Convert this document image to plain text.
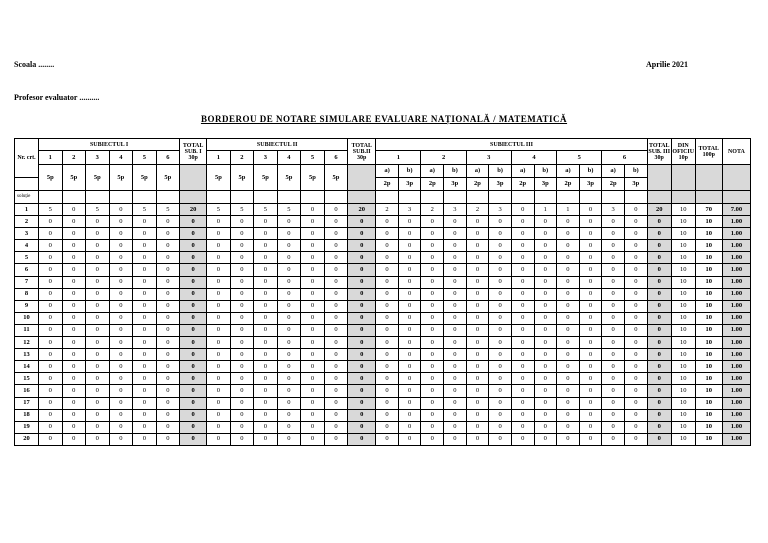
Scoala ........	Aprilie 2021
Profesor evaluator ..........
BORDEROU DE NOTARE SIMULARE EVALUARE NAȚIONALĂ / MATEMATICĂ
Nr. crt.	SUBIECTUL I						TOTAL SUB. I 30p	SUBIECTUL II						TOTAL SUB.II 30p	SUBIECTUL III												TOTAL SUB. III 30p	DIN OFICIU 10p	TOTAL 100p	NOTA
	1	2	3	4	5	6		1	2	3	4	5	6		1		2		3		4		5		6					
	5p	5p	5p	5p	5p	5p		5p	5p	5p	5p	5p	5p		a)	b)	a)	b)	a)	b)	a)	b)	a)	b)	a)	b)				
															2p	3p	2p	3p	2p	3p	2p	3p	2p	3p	2p	3p				
soluție																														
1	5	0	5	0	5	5	20	5	5	5	5	0	0	20	2	3	2	3	2	3	0	1	1	0	3	0	20	10	70	7.00
2	0	0	0	0	0	0	0	0	0	0	0	0	0	0	0	0	0	0	0	0	0	0	0	0	0	0	0	10	10	1.00
3	0	0	0	0	0	0	0	0	0	0	0	0	0	0	0	0	0	0	0	0	0	0	0	0	0	0	0	10	10	1.00
4	0	0	0	0	0	0	0	0	0	0	0	0	0	0	0	0	0	0	0	0	0	0	0	0	0	0	0	10	10	1.00
5	0	0	0	0	0	0	0	0	0	0	0	0	0	0	0	0	0	0	0	0	0	0	0	0	0	0	0	10	10	1.00
6	0	0	0	0	0	0	0	0	0	0	0	0	0	0	0	0	0	0	0	0	0	0	0	0	0	0	0	10	10	1.00
7	0	0	0	0	0	0	0	0	0	0	0	0	0	0	0	0	0	0	0	0	0	0	0	0	0	0	0	10	10	1.00
8	0	0	0	0	0	0	0	0	0	0	0	0	0	0	0	0	0	0	0	0	0	0	0	0	0	0	0	10	10	1.00
9	0	0	0	0	0	0	0	0	0	0	0	0	0	0	0	0	0	0	0	0	0	0	0	0	0	0	0	10	10	1.00
10	0	0	0	0	0	0	0	0	0	0	0	0	0	0	0	0	0	0	0	0	0	0	0	0	0	0	0	10	10	1.00
11	0	0	0	0	0	0	0	0	0	0	0	0	0	0	0	0	0	0	0	0	0	0	0	0	0	0	0	10	10	1.00
12	0	0	0	0	0	0	0	0	0	0	0	0	0	0	0	0	0	0	0	0	0	0	0	0	0	0	0	10	10	1.00
13	0	0	0	0	0	0	0	0	0	0	0	0	0	0	0	0	0	0	0	0	0	0	0	0	0	0	0	10	10	1.00
14	0	0	0	0	0	0	0	0	0	0	0	0	0	0	0	0	0	0	0	0	0	0	0	0	0	0	0	10	10	1.00
15	0	0	0	0	0	0	0	0	0	0	0	0	0	0	0	0	0	0	0	0	0	0	0	0	0	0	0	10	10	1.00
16	0	0	0	0	0	0	0	0	0	0	0	0	0	0	0	0	0	0	0	0	0	0	0	0	0	0	0	10	10	1.00
17	0	0	0	0	0	0	0	0	0	0	0	0	0	0	0	0	0	0	0	0	0	0	0	0	0	0	0	10	10	1.00
18	0	0	0	0	0	0	0	0	0	0	0	0	0	0	0	0	0	0	0	0	0	0	0	0	0	0	0	10	10	1.00
19	0	0	0	0	0	0	0	0	0	0	0	0	0	0	0	0	0	0	0	0	0	0	0	0	0	0	0	10	10	1.00
20	0	0	0	0	0	0	0	0	0	0	0	0	0	0	0	0	0	0	0	0	0	0	0	0	0	0	0	10	10	1.00
